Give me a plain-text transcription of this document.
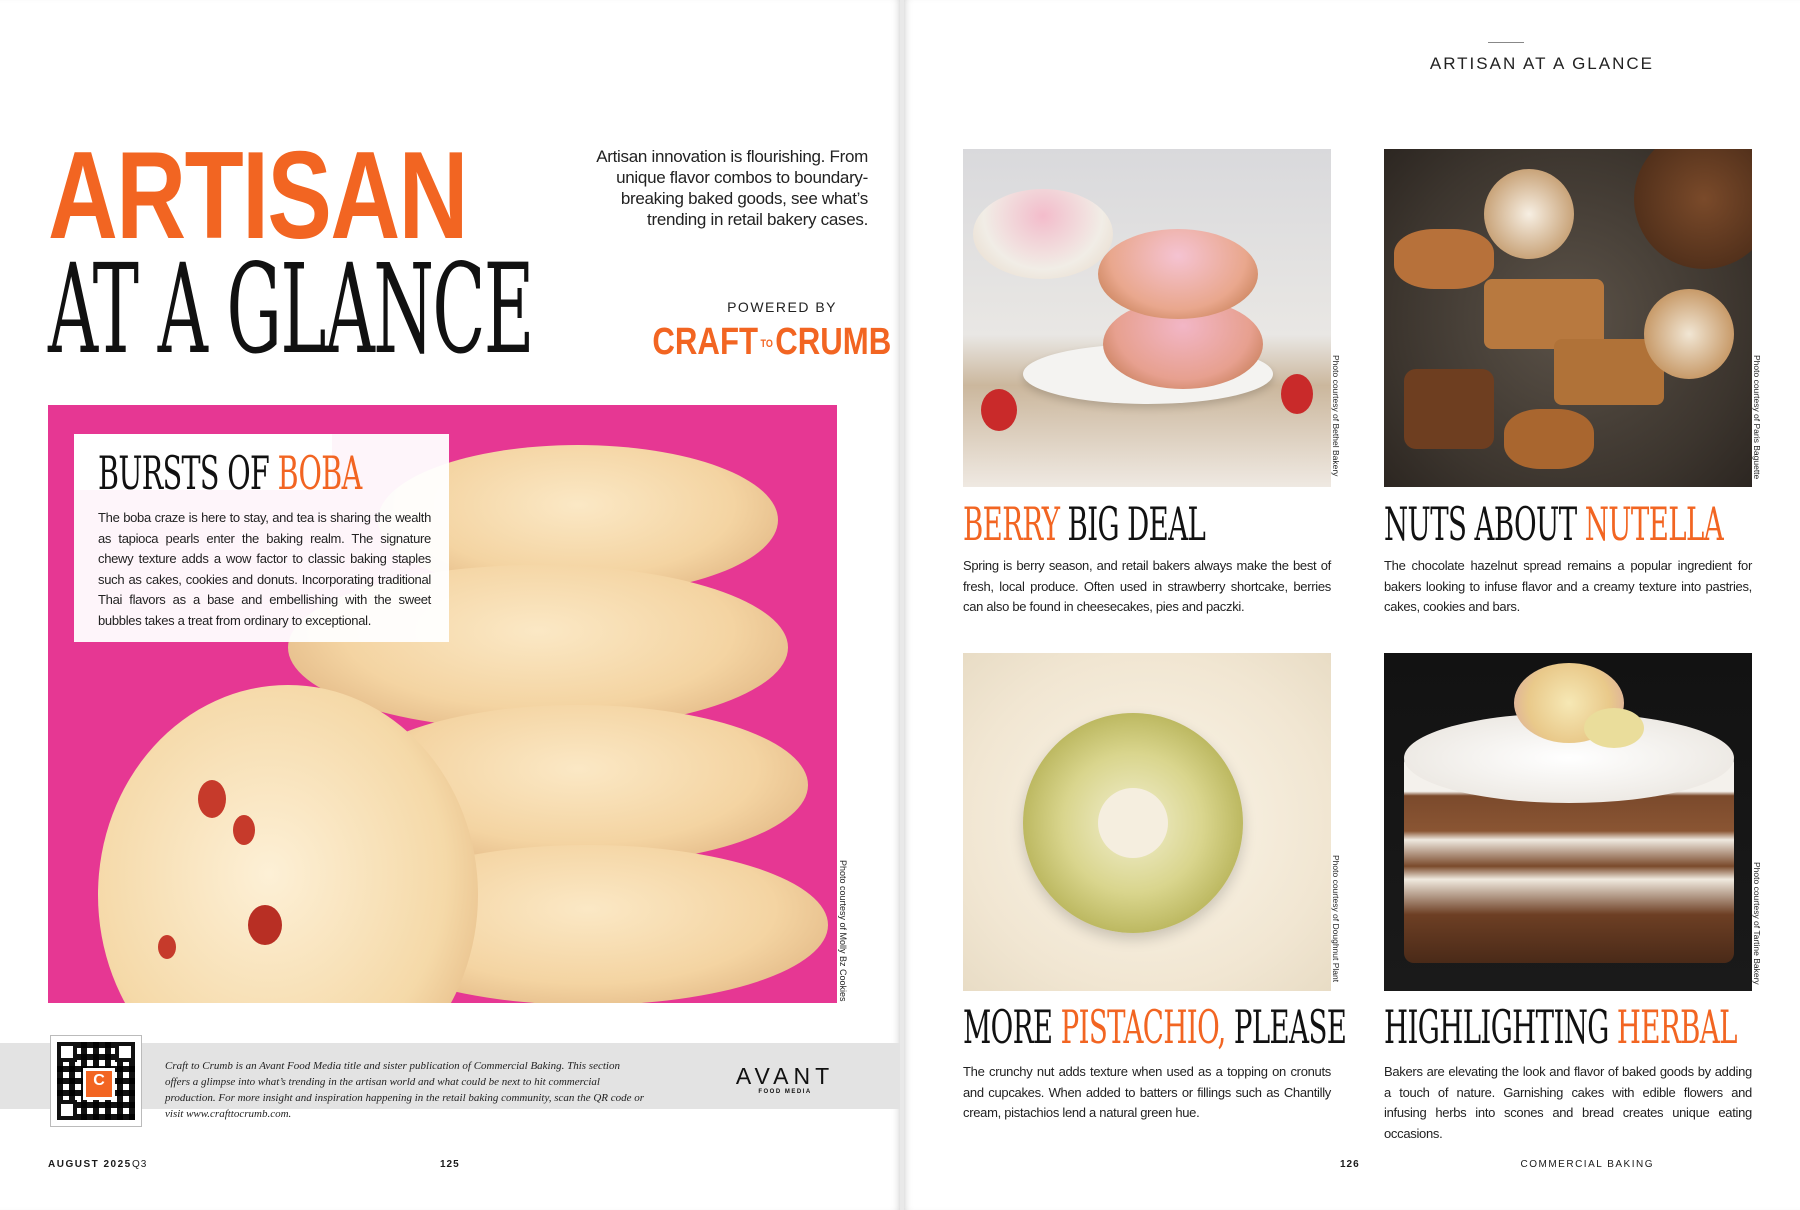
ARTISAN
AT A GLANCE
Artisan innovation is flourishing. From unique flavor combos to boundary-breaking baked goods, see what’s trending in retail bakery cases.
POWERED BY
CRAFT TOCRUMB
Photo courtesy of Molly Bz Cookies
BURSTS OF BOBA
The boba craze is here to stay, and tea is sharing the wealth as tapioca pearls enter the baking realm. The signature chewy texture adds a wow factor to classic baking staples such as cakes, cookies and donuts. Incorporating traditional Thai flavors as a base and embellishing with the sweet bubbles takes a treat from ordinary to exceptional.
C
Craft to Crumb is an Avant Food Media title and sister publication of Commercial Baking. This section offers a glimpse into what’s trending in the artisan world and what could be next to hit commercial production. For more insight and inspiration happening in the retail baking community, scan the QR code or visit www.crafttocrumb.com.
AVANT
FOOD MEDIA
AUGUST 2025 Q3	125
ARTISAN AT A GLANCE
Photo courtesy of Bethel Bakery	Photo courtesy of Paris Baguette
Photo courtesy of Doughnut Plant	Photo courtesy of Tartine Bakery
BERRY BIG DEAL	NUTS ABOUT NUTELLA
MORE PISTACHIO, PLEASE HIGHLIGHTING HERBAL
Spring is berry season, and retail bakers always make the best of fresh, local produce. Often used in strawberry shortcake, berries can also be found in cheesecakes, pies and paczki.
The chocolate hazelnut spread remains a popular ingredient for bakers looking to infuse flavor and a creamy texture into pastries, cakes, cookies and bars.
The crunchy nut adds texture when used as a topping on cronuts and cupcakes. When added to batters or fillings such as Chantilly cream, pistachios lend a natural green hue.
Bakers are elevating the look and flavor of baked goods by adding a touch of nature. Garnishing cakes with edible flowers and infusing herbs into scones and bread creates unique eating occasions.
126	COMMERCIAL BAKING
